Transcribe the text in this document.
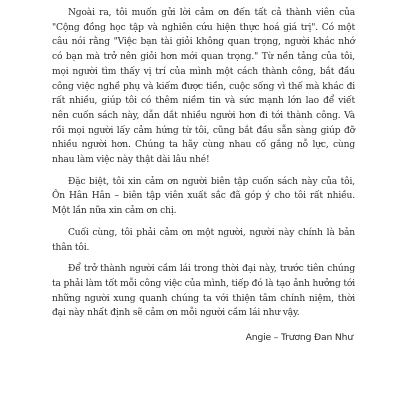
Ngoài ra, tôi muốn gửi lời cảm ơn đến tất cả thành viên của "Cộng đồng học tập và nghiên cứu hiện thực hoá giá trị". Có một câu nói rằng "Việc bạn tài giỏi không quan trọng, người khác nhớ có bạn mà trở nên giỏi hơn mới quan trọng." Từ nền tảng của tôi, mọi người tìm thấy vị trí của mình một cách thành công, bắt đầu công việc nghề phụ và kiếm được tiền, cuộc sống vì thế mà khác đi rất nhiều, giúp tôi có thêm niềm tin và sức mạnh lớn lao để viết nên cuốn sách này, dẫn dắt nhiều người hơn đi tới thành công. Và rồi mọi người lấy cảm hứng từ tôi, cũng bắt đầu sẵn sàng giúp đỡ nhiều người hơn. Chúng ta hãy cùng nhau cố gắng nỗ lực, cùng nhau làm việc này thật dài lâu nhé!

Đặc biệt, tôi xin cảm ơn người biên tập cuốn sách này của tôi, Ôn Hân Hân – biên tập viên xuất sắc đã góp ý cho tôi rất nhiều. Một lần nữa xin cảm ơn chị.

Cuối cùng, tôi phải cảm ơn một người, người này chính là bản thân tôi.

Để trở thành người cầm lái trong thời đại này, trước tiên chúng ta phải làm tốt mỗi công việc của mình, tiếp đó là tạo ảnh hưởng tới những người xung quanh chúng ta với thiện tâm chính niệm, thời đại này nhất định sẽ cảm ơn mỗi người cầm lái như vậy.

Angie – Trương Đan Như
